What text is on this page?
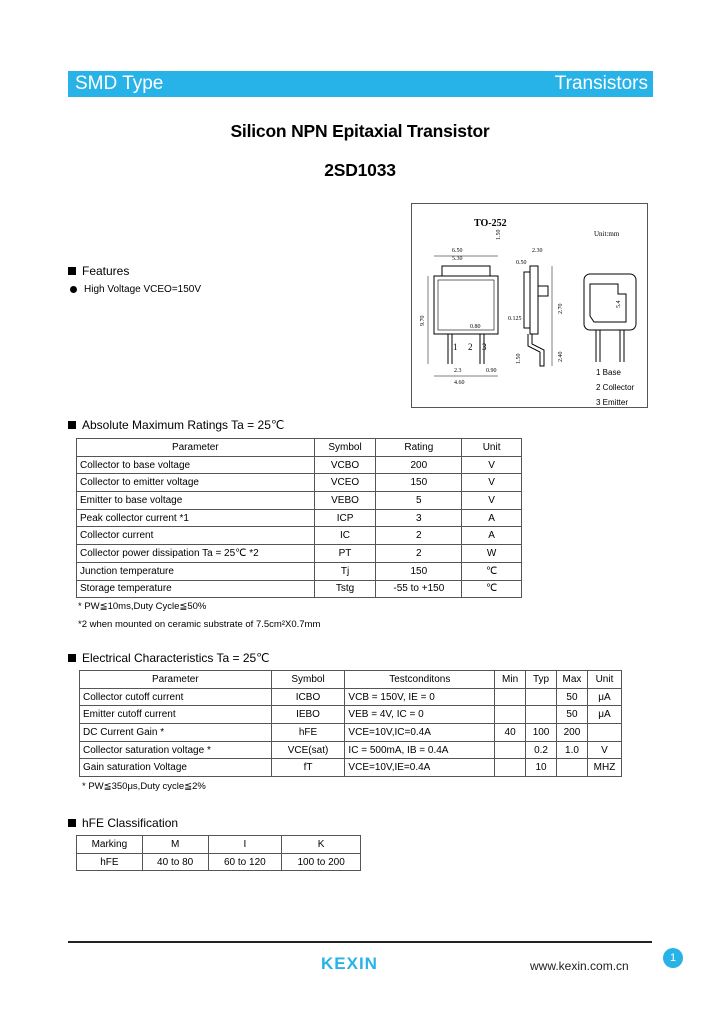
SMD Type	Transistors
Silicon NPN Epitaxial Transistor
2SD1033
TO-252
Unit:mm
6.50
5.30
2.30
1.50
0.50
9.70
0.80
2.3
4.60
0.125
0.90
1.50
2.70
2.40
5.4
1 2 3
1 Base
2 Collector
3 Emitter
Features
High Voltage VCEO=150V
Absolute Maximum Ratings Ta = 25℃
Parameter	Symbol	Rating	Unit
Collector to base voltage	VCBO	200	V
Collector to emitter voltage	VCEO	150	V
Emitter to base voltage	VEBO	5	V
Peak collector current *1	ICP	3	A
Collector current	IC	2	A
Collector power dissipation Ta = 25℃ *2	PT	2	W
Junction temperature	Tj	150	℃
Storage temperature	Tstg	-55 to +150	℃
* PW≦10ms,Duty Cycle≦50%
*2 when mounted on ceramic substrate of 7.5cm²X0.7mm
Electrical Characteristics Ta = 25℃
Parameter	Symbol	Testconditons	Min	Typ	Max	Unit
Collector cutoff current	ICBO	VCB = 150V, IE = 0			50	μA
Emitter cutoff current	IEBO	VEB = 4V, IC = 0			50	μA
DC Current Gain *	hFE	VCE=10V,IC=0.4A	40	100	200	
Collector saturation voltage *	VCE(sat)	IC = 500mA, IB = 0.4A		0.2	1.0	V
Gain saturation Voltage	fT	VCE=10V,IE=0.4A		10		MHZ
* PW≦350μs,Duty cycle≦2%
hFE Classification
Marking	M	I	K
hFE	40 to 80	60 to 120	100 to 200
1
KEXIN	www.kexin.com.cn
